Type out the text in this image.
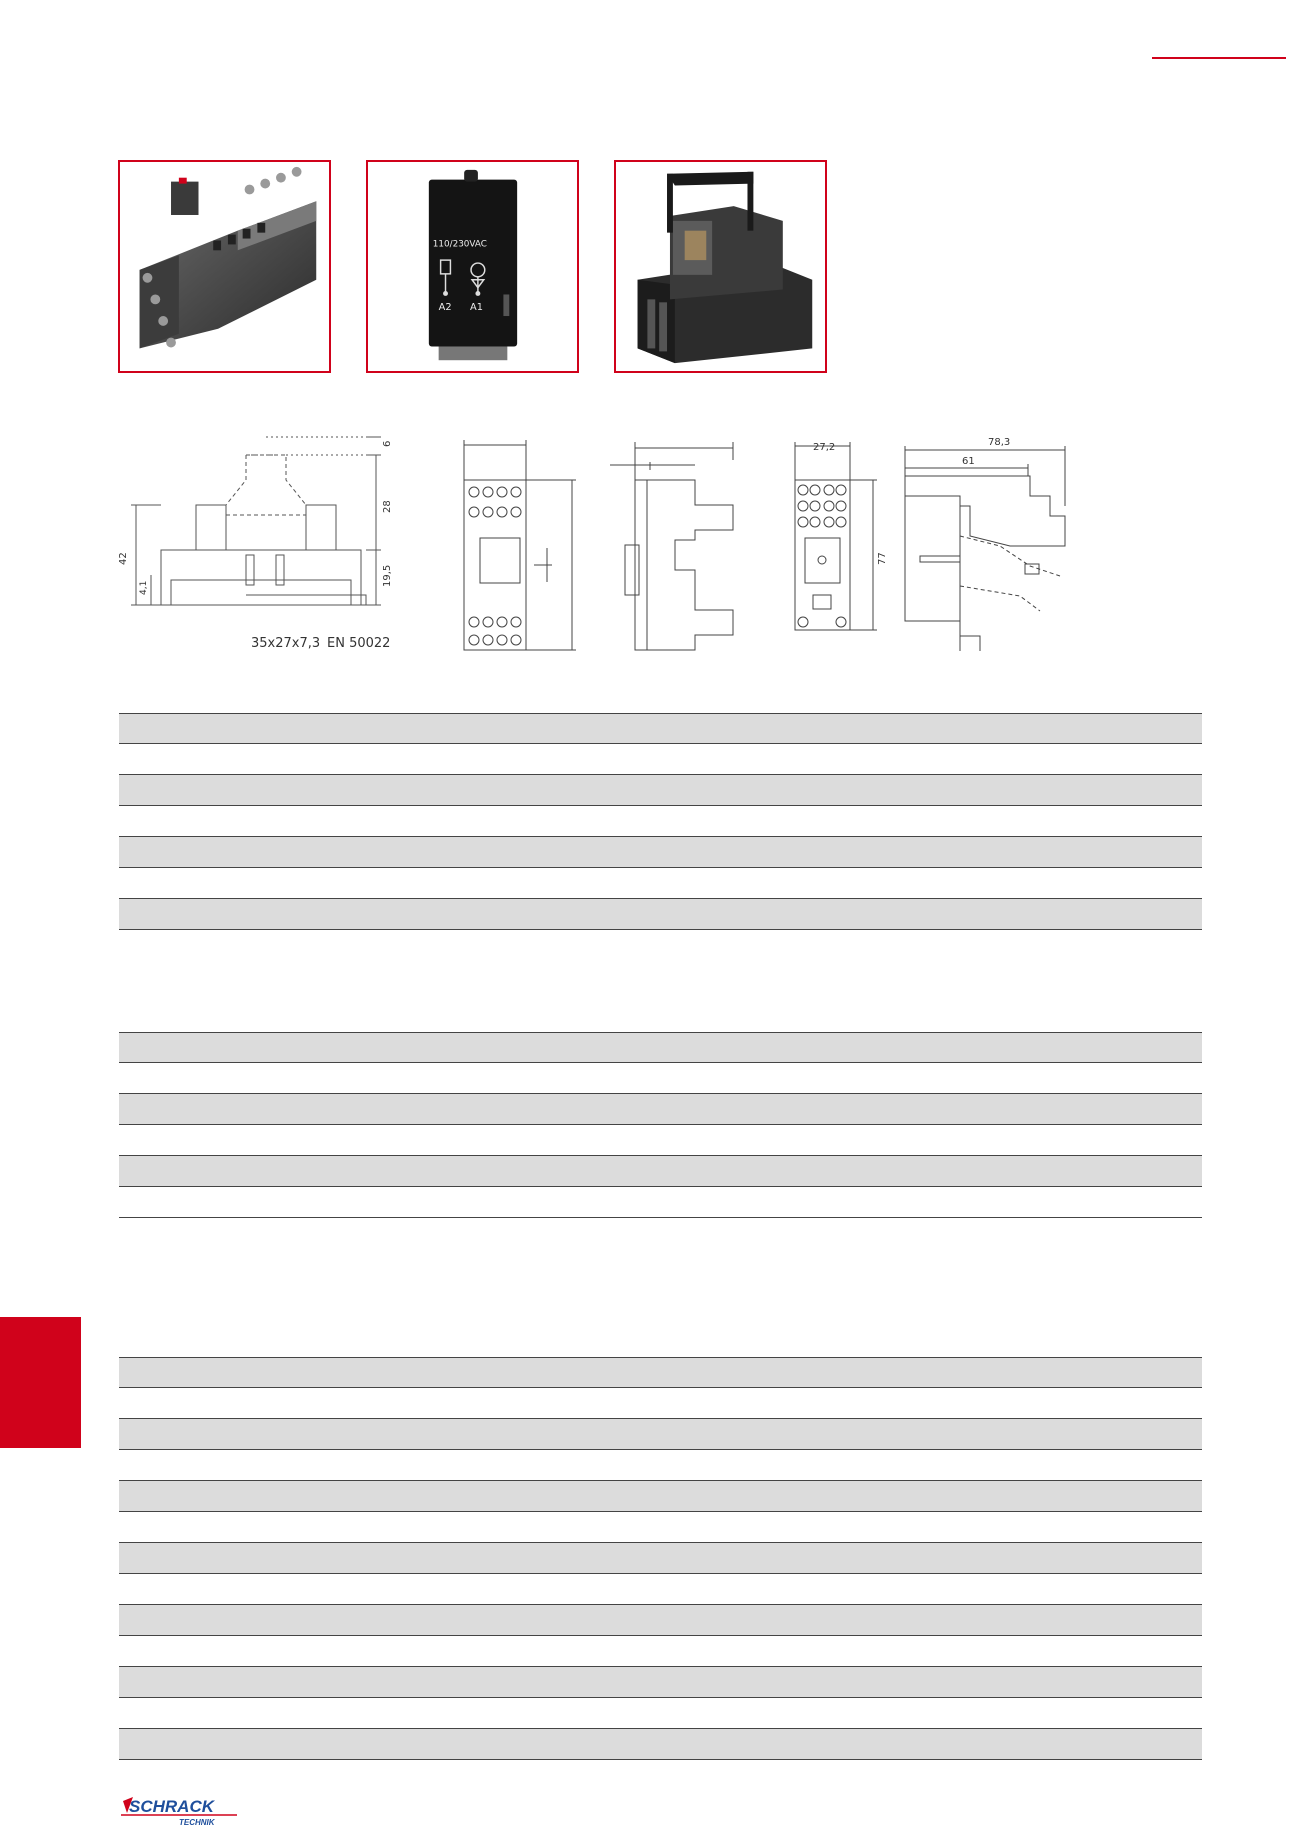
110/230VAC
A2 A1
6
28
19,5
42
4,1
35x27x7,3 EN 50022
27,2
77
78,3
61
SCHRACK
TECHNIK
